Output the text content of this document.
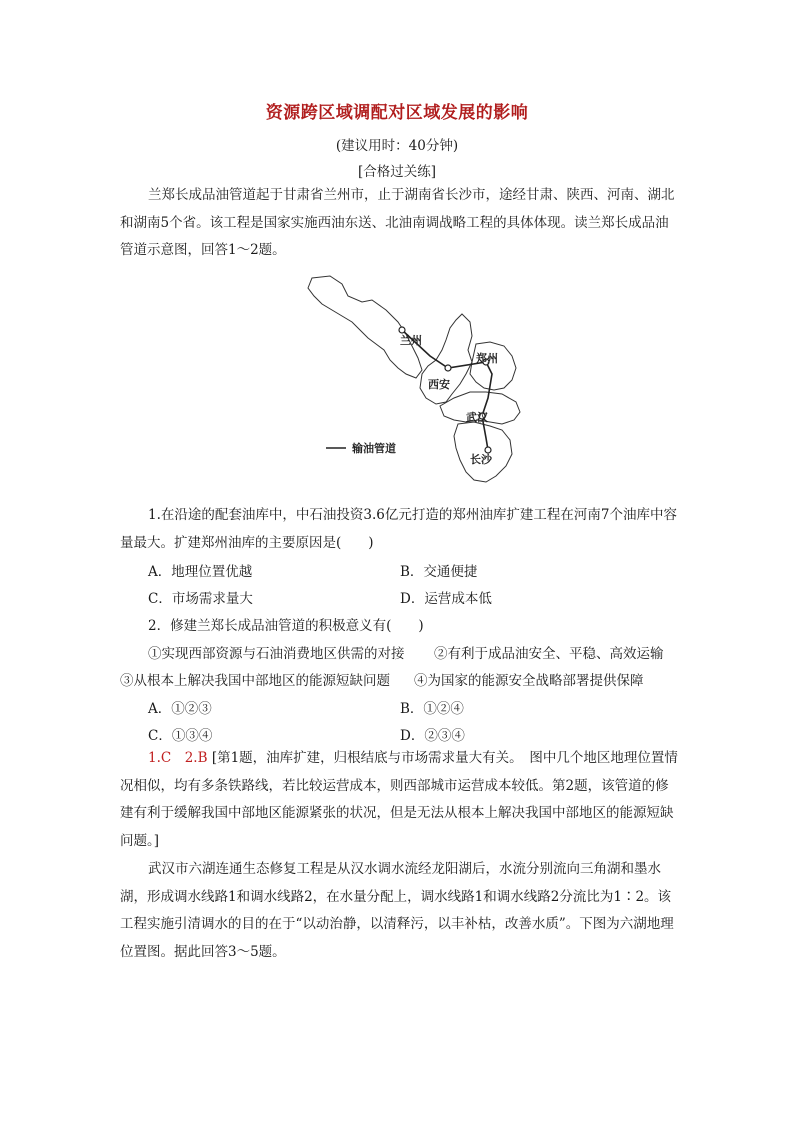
资源跨区域调配对区域发展的影响
(建议用时：40分钟)
[合格过关练]
兰郑长成品油管道起于甘肃省兰州市，止于湖南省长沙市，途经甘肃、陕西、河南、湖北和湖南5个省。该工程是国家实施西油东送、北油南调战略工程的具体体现。读兰郑长成品油管道示意图，回答1～2题。
兰州
郑州
西安
武汉
长沙
输油管道
1.在沿途的配套油库中，中石油投资3.6亿元打造的郑州油库扩建工程在河南7个油库中容量最大。扩建郑州油库的主要原因是(　　)
A．地理位置优越	B．交通便捷
C．市场需求量大	D．运营成本低
2．修建兰郑长成品油管道的积极意义有(　　)
①实现西部资源与石油消费地区供需的对接 ②有利于成品油安全、平稳、高效运输
③从根本上解决我国中部地区的能源短缺问题 ④为国家的能源安全战略部署提供保障
A．①②③	B．①②④
C．①③④	D．②③④
1.C　2.B [第1题，油库扩建，归根结底与市场需求量大有关。　图中几个地区地理位置情况相似，均有多条铁路线，若比较运营成本，则西部城市运营成本较低。第2题，该管道的修建有利于缓解我国中部地区能源紧张的状况，但是无法从根本上解决我国中部地区的能源短缺问题。]
武汉市六湖连通生态修复工程是从汉水调水流经龙阳湖后，水流分别流向三角湖和墨水湖，形成调水线路1和调水线路2，在水量分配上，调水线路1和调水线路2分流比为1∶2。该工程实施引清调水的目的在于“以动治静，以清释污，以丰补枯，改善水质”。下图为六湖地理位置图。据此回答3～5题。
